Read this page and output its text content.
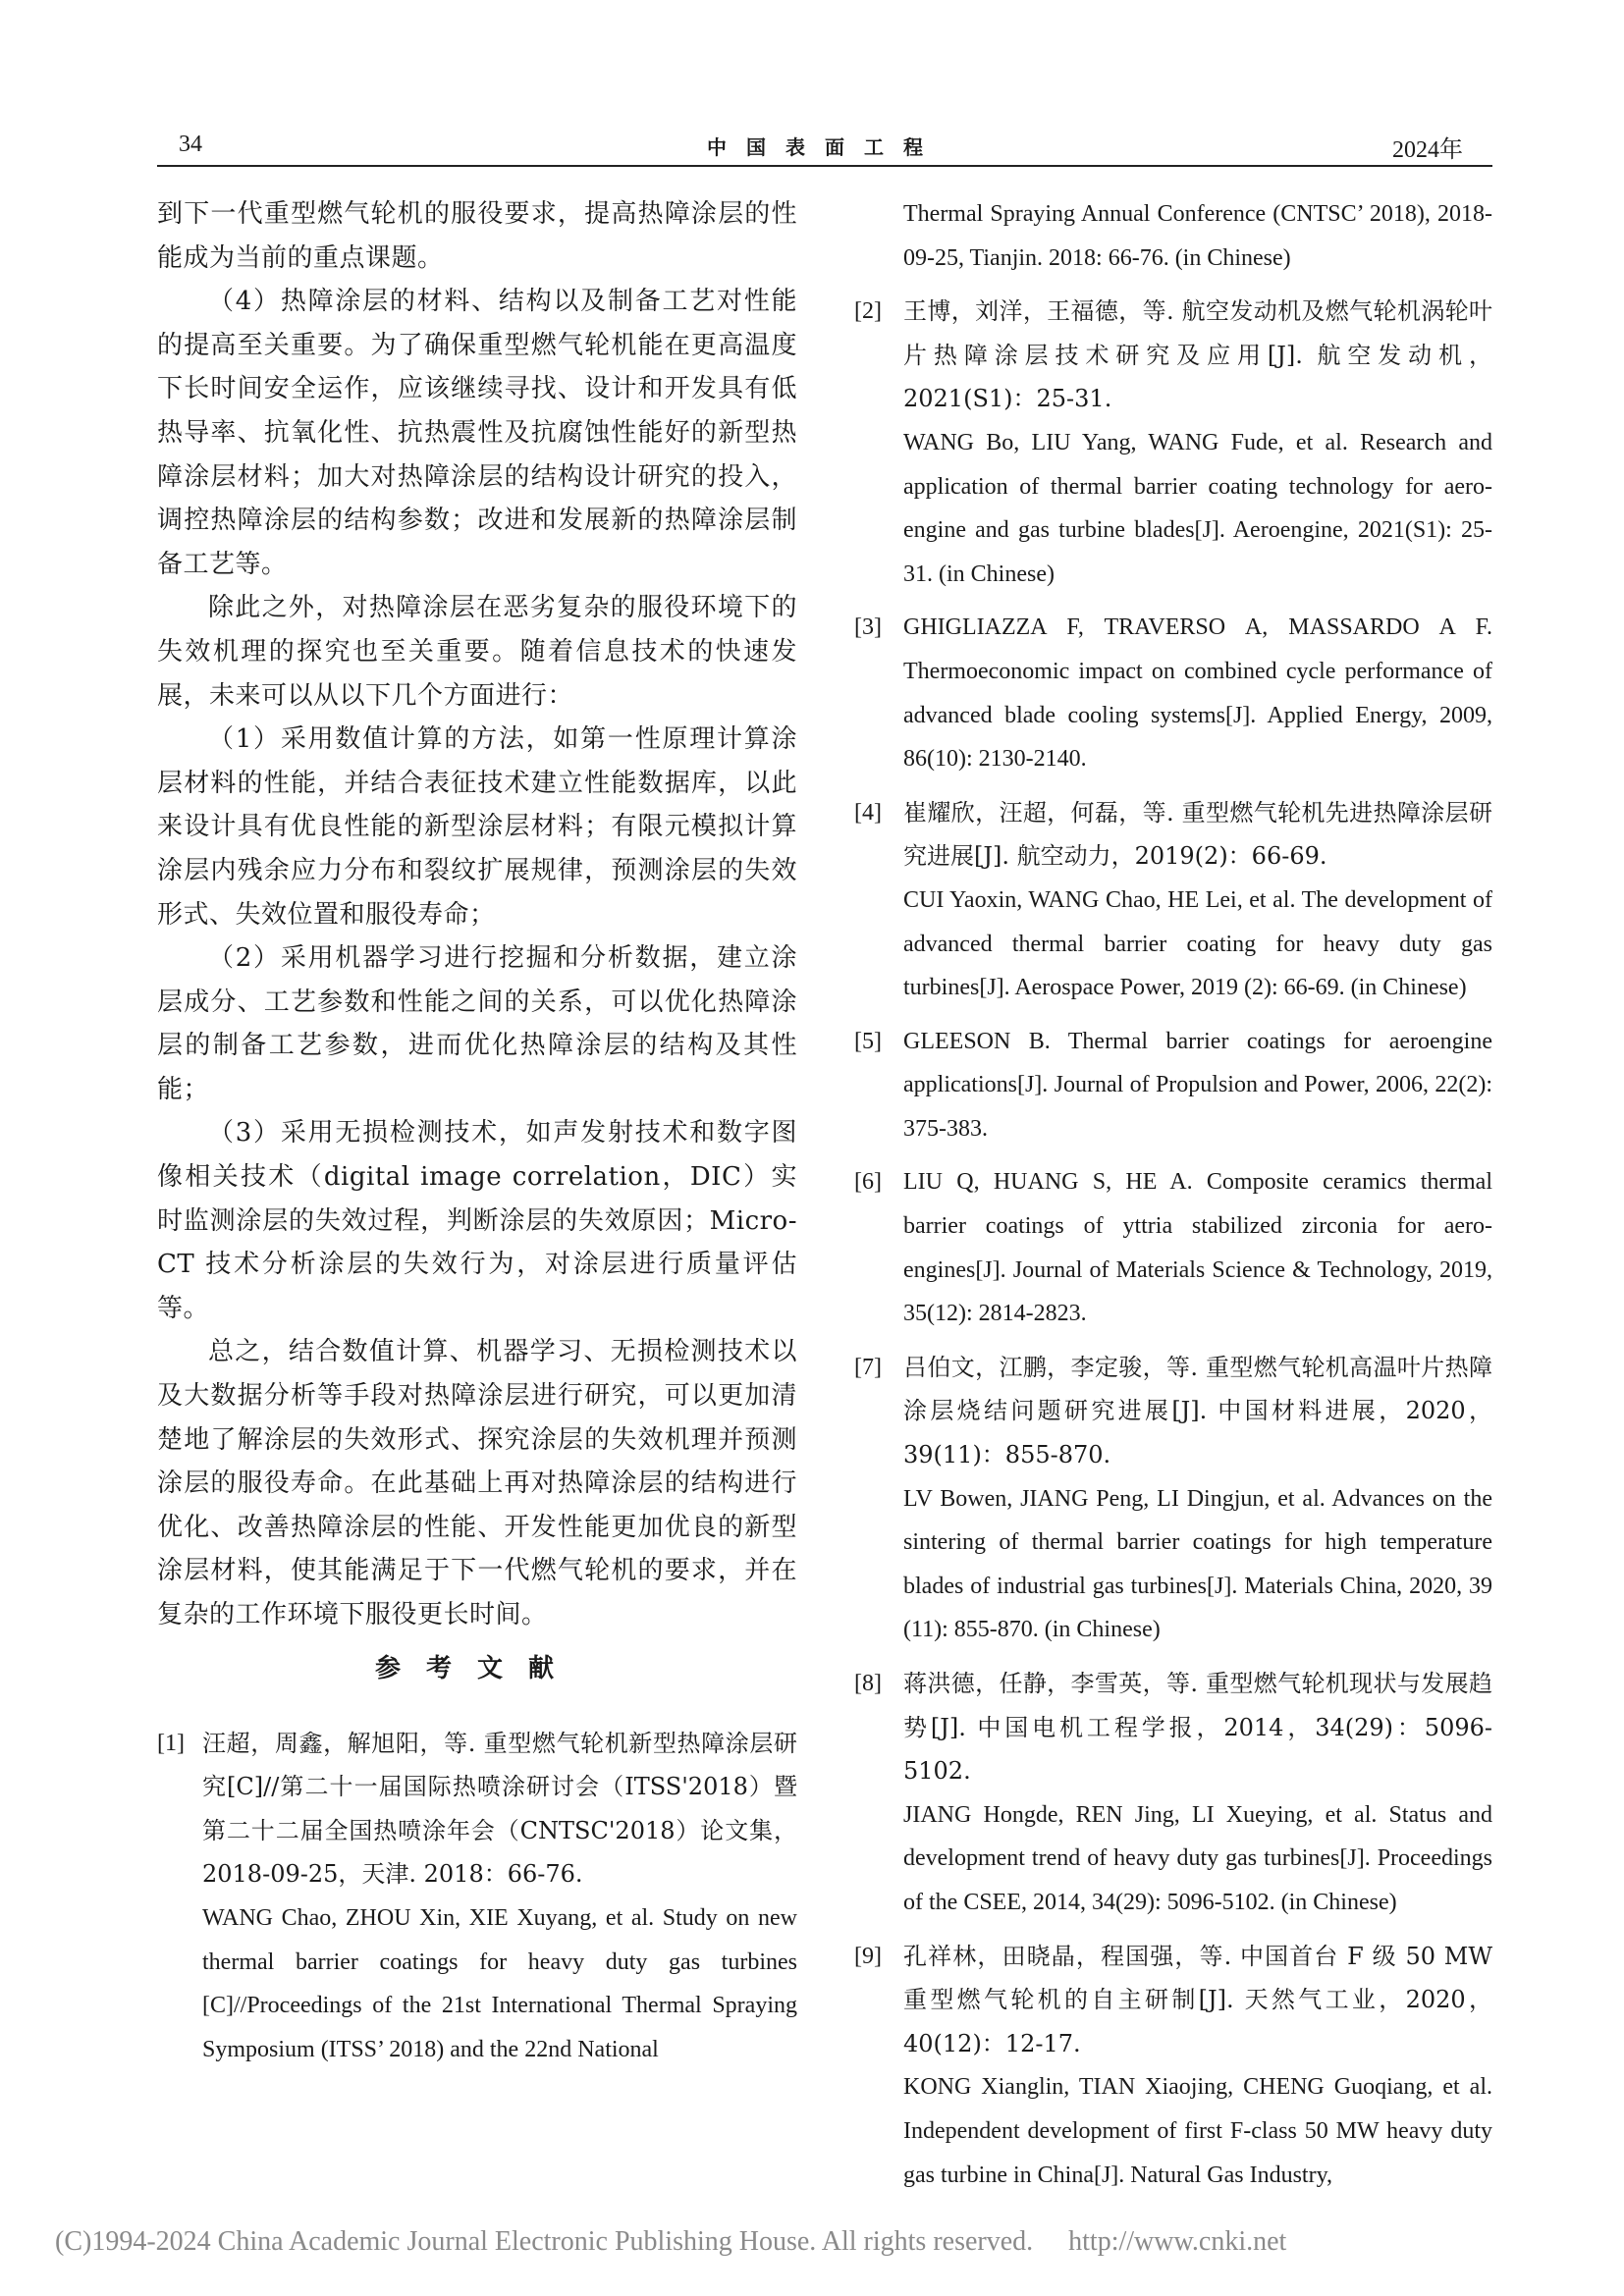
34	中国表面工程	2024年

到下一代重型燃气轮机的服役要求，提高热障涂层的性能成为当前的重点课题。

（4）热障涂层的材料、结构以及制备工艺对性能的提高至关重要。为了确保重型燃气轮机能在更高温度下长时间安全运作，应该继续寻找、设计和开发具有低热导率、抗氧化性、抗热震性及抗腐蚀性能好的新型热障涂层材料；加大对热障涂层的结构设计研究的投入，调控热障涂层的结构参数；改进和发展新的热障涂层制备工艺等。

除此之外，对热障涂层在恶劣复杂的服役环境下的失效机理的探究也至关重要。随着信息技术的快速发展，未来可以从以下几个方面进行：

（1）采用数值计算的方法，如第一性原理计算涂层材料的性能，并结合表征技术建立性能数据库，以此来设计具有优良性能的新型涂层材料；有限元模拟计算涂层内残余应力分布和裂纹扩展规律，预测涂层的失效形式、失效位置和服役寿命；

（2）采用机器学习进行挖掘和分析数据，建立涂层成分、工艺参数和性能之间的关系，可以优化热障涂层的制备工艺参数，进而优化热障涂层的结构及其性能；

（3）采用无损检测技术，如声发射技术和数字图像相关技术（digital image correlation，DIC）实时监测涂层的失效过程，判断涂层的失效原因；Micro-CT 技术分析涂层的失效行为，对涂层进行质量评估等。

总之，结合数值计算、机器学习、无损检测技术以及大数据分析等手段对热障涂层进行研究，可以更加清楚地了解涂层的失效形式、探究涂层的失效机理并预测涂层的服役寿命。在此基础上再对热障涂层的结构进行优化、改善热障涂层的性能、开发性能更加优良的新型涂层材料，使其能满足于下一代燃气轮机的要求，并在复杂的工作环境下服役更长时间。

参考文献
[1] 汪超，周鑫，解旭阳，等. 重型燃气轮机新型热障涂层研究[C]//第二十一届国际热喷涂研讨会（ITSS'2018）暨第二十二届全国热喷涂年会（CNTSC'2018）论文集，2018-09-25，天津. 2018：66-76.

WANG Chao, ZHOU Xin, XIE Xuyang, et al. Study on new thermal barrier coatings for heavy duty gas turbines [C]//Proceedings of the 21st International Thermal Spraying Symposium (ITSS’ 2018) and the 22nd National

Thermal Spraying Annual Conference (CNTSC’ 2018), 2018-09-25, Tianjin. 2018: 66-76. (in Chinese)

[2] 王博，刘洋，王福德，等. 航空发动机及燃气轮机涡轮叶片热障涂层技术研究及应用[J]. 航空发动机，2021(S1)：25-31.

WANG Bo, LIU Yang, WANG Fude, et al. Research and application of thermal barrier coating technology for aero-engine and gas turbine blades[J]. Aeroengine, 2021(S1): 25-31. (in Chinese)

[3] GHIGLIAZZA F, TRAVERSO A, MASSARDO A F. Thermoeconomic impact on combined cycle performance of advanced blade cooling systems[J]. Applied Energy, 2009, 86(10): 2130-2140.

[4] 崔耀欣，汪超，何磊，等. 重型燃气轮机先进热障涂层研究进展[J]. 航空动力，2019(2)：66-69.

CUI Yaoxin, WANG Chao, HE Lei, et al. The development of advanced thermal barrier coating for heavy duty gas turbines[J]. Aerospace Power, 2019 (2): 66-69. (in Chinese)

[5] GLEESON B. Thermal barrier coatings for aeroengine applications[J]. Journal of Propulsion and Power, 2006, 22(2): 375-383.

[6] LIU Q, HUANG S, HE A. Composite ceramics thermal barrier coatings of yttria stabilized zirconia for aero-engines[J]. Journal of Materials Science & Technology, 2019, 35(12): 2814-2823.

[7] 吕伯文，江鹏，李定骏，等. 重型燃气轮机高温叶片热障涂层烧结问题研究进展[J]. 中国材料进展，2020，39(11)：855-870.

LV Bowen, JIANG Peng, LI Dingjun, et al. Advances on the sintering of thermal barrier coatings for high temperature blades of industrial gas turbines[J]. Materials China, 2020, 39 (11): 855-870. (in Chinese)

[8] 蒋洪德，任静，李雪英，等. 重型燃气轮机现状与发展趋势[J]. 中国电机工程学报，2014，34(29)：5096-5102.

JIANG Hongde, REN Jing, LI Xueying, et al. Status and development trend of heavy duty gas turbines[J]. Proceedings of the CSEE, 2014, 34(29): 5096-5102. (in Chinese)

[9] 孔祥林，田晓晶，程国强，等. 中国首台 F 级 50 MW 重型燃气轮机的自主研制[J]. 天然气工业，2020，40(12)：12-17.

KONG Xianglin, TIAN Xiaojing, CHENG Guoqiang, et al. Independent development of first F-class 50 MW heavy duty gas turbine in China[J]. Natural Gas Industry,

(C)1994-2024 China Academic Journal Electronic Publishing House. All rights reserved. http://www.cnki.net
